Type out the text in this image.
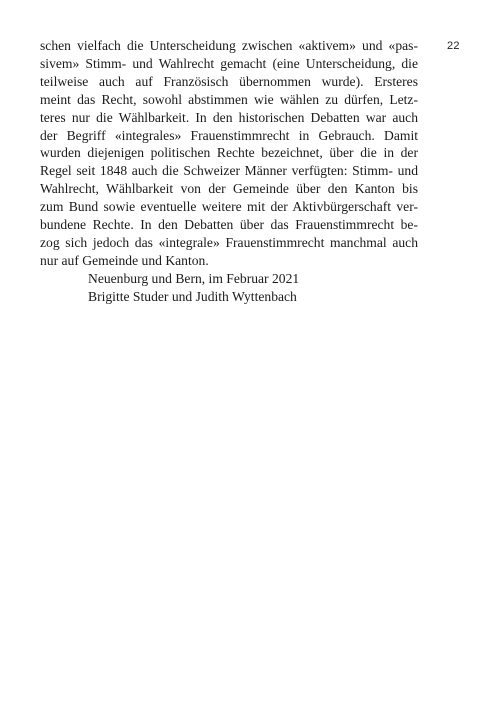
22
schen vielfach die Unterscheidung zwischen «aktivem» und «pas-
sivem» Stimm- und Wahlrecht gemacht (eine Unterscheidung, die
teilweise auch auf Französisch übernommen wurde). Ersteres
meint das Recht, sowohl abstimmen wie wählen zu dürfen, Letz-
teres nur die Wählbarkeit. In den historischen Debatten war auch
der Begriff «integrales» Frauenstimmrecht in Gebrauch. Damit
wurden diejenigen politischen Rechte bezeichnet, über die in der
Regel seit 1848 auch die Schweizer Männer verfügten: Stimm- und
Wahlrecht, Wählbarkeit von der Gemeinde über den Kanton bis
zum Bund sowie eventuelle weitere mit der Aktivbürgerschaft ver-
bundene Rechte. In den Debatten über das Frauenstimmrecht be-
zog sich jedoch das «integrale» Frauenstimmrecht manchmal auch
nur auf Gemeinde und Kanton.
Neuenburg und Bern, im Februar 2021
Brigitte Studer und Judith Wyttenbach
